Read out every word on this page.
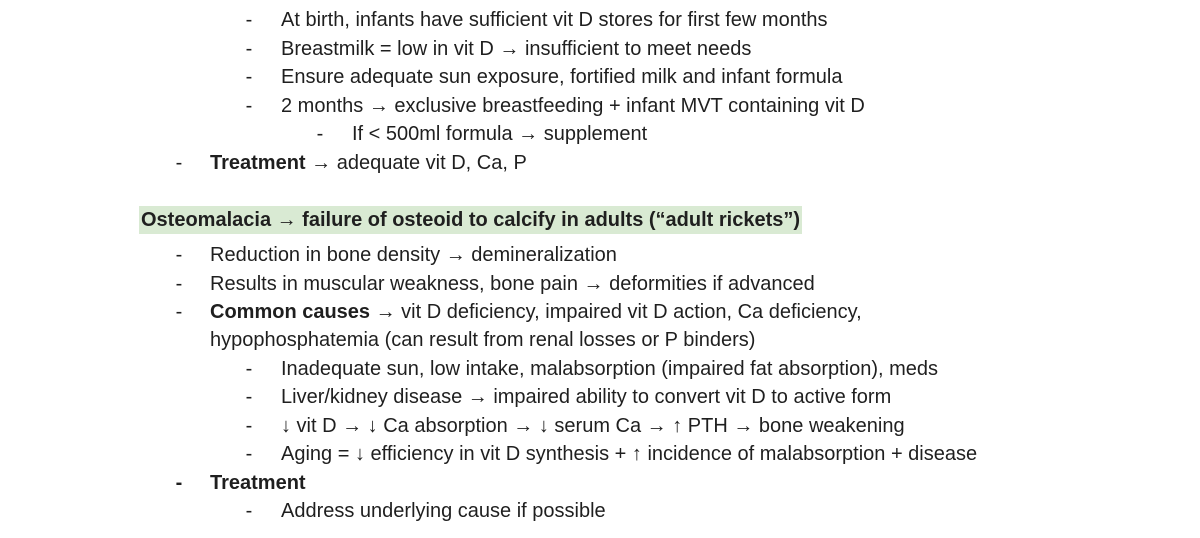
- At birth, infants have sufficient vit D stores for first few months
- Breastmilk = low in vit D → insufficient to meet needs
- Ensure adequate sun exposure, fortified milk and infant formula
- 2 months → exclusive breastfeeding + infant MVT containing vit D
- If < 500ml formula → supplement
- Treatment → adequate vit D, Ca, P
Osteomalacia → failure of osteoid to calcify in adults (“adult rickets”)
- Reduction in bone density → demineralization
- Results in muscular weakness, bone pain → deformities if advanced
- Common causes → vit D deficiency, impaired vit D action, Ca deficiency,
hypophosphatemia (can result from renal losses or P binders)
- Inadequate sun, low intake, malabsorption (impaired fat absorption), meds
- Liver/kidney disease → impaired ability to convert vit D to active form
- ↓ vit D → ↓ Ca absorption → ↓ serum Ca → ↑ PTH → bone weakening
- Aging = ↓ efficiency in vit D synthesis + ↑ incidence of malabsorption + disease
- Treatment
- Address underlying cause if possible
